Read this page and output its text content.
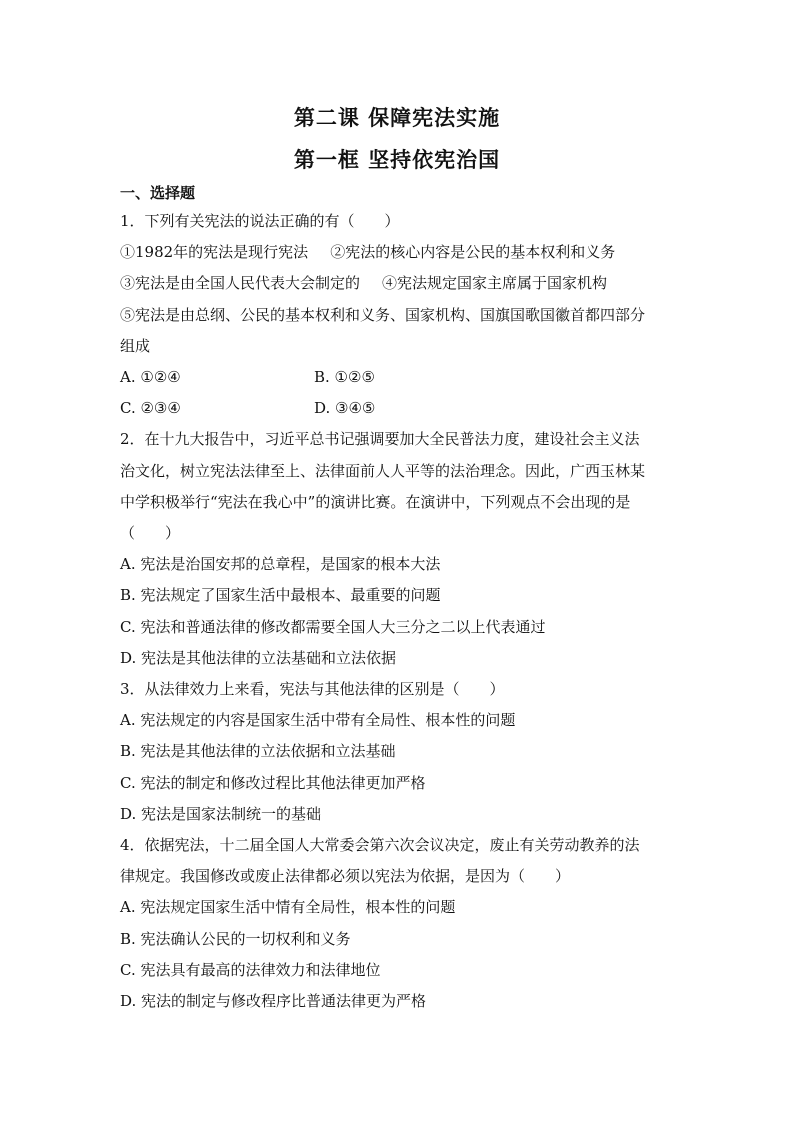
第二课 保障宪法实施
第一框 坚持依宪治国

一、选择题

1．下列有关宪法的说法正确的有（　　）

①1982年的宪法是现行宪法 ②宪法的核心内容是公民的基本权利和义务

③宪法是由全国人民代表大会制定的 ④宪法规定国家主席属于国家机构

⑤宪法是由总纲、公民的基本权利和义务、国家机构、国旗国歌国徽首都四部分

组成

A. ①②④	B. ①②⑤
C. ②③④	D. ③④⑤

2．在十九大报告中，习近平总书记强调要加大全民普法力度，建设社会主义法

治文化，树立宪法法律至上、法律面前人人平等的法治理念。因此，广西玉林某

中学积极举行“宪法在我心中”的演讲比赛。在演讲中，下列观点不会出现的是

（　　）

A. 宪法是治国安邦的总章程，是国家的根本大法

B. 宪法规定了国家生活中最根本、最重要的问题

C. 宪法和普通法律的修改都需要全国人大三分之二以上代表通过

D. 宪法是其他法律的立法基础和立法依据

3．从法律效力上来看，宪法与其他法律的区别是（　　）

A. 宪法规定的内容是国家生活中带有全局性、根本性的问题

B. 宪法是其他法律的立法依据和立法基础

C. 宪法的制定和修改过程比其他法律更加严格

D. 宪法是国家法制统一的基础

4．依据宪法，十二届全国人大常委会第六次会议决定，废止有关劳动教养的法

律规定。我国修改或废止法律都必须以宪法为依据，是因为（　　）

A. 宪法规定国家生活中情有全局性，根本性的问题

B. 宪法确认公民的一切权利和义务

C. 宪法具有最高的法律效力和法律地位

D. 宪法的制定与修改程序比普通法律更为严格
